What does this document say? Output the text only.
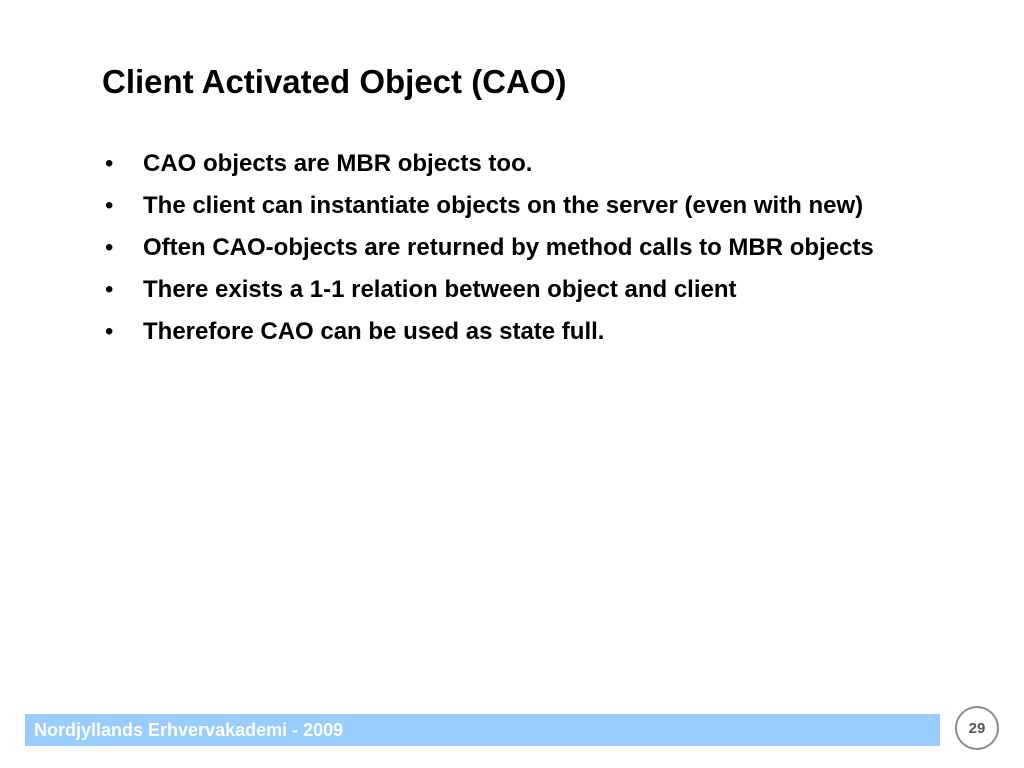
Client Activated Object (CAO)
• CAO objects are MBR objects too.
• The client can instantiate objects on the server (even with new)
• Often CAO-objects are returned by method calls to MBR objects
• There exists a 1-1 relation between object and client
• Therefore CAO can be used as state full.
Nordjyllands Erhvervakademi - 2009	29
